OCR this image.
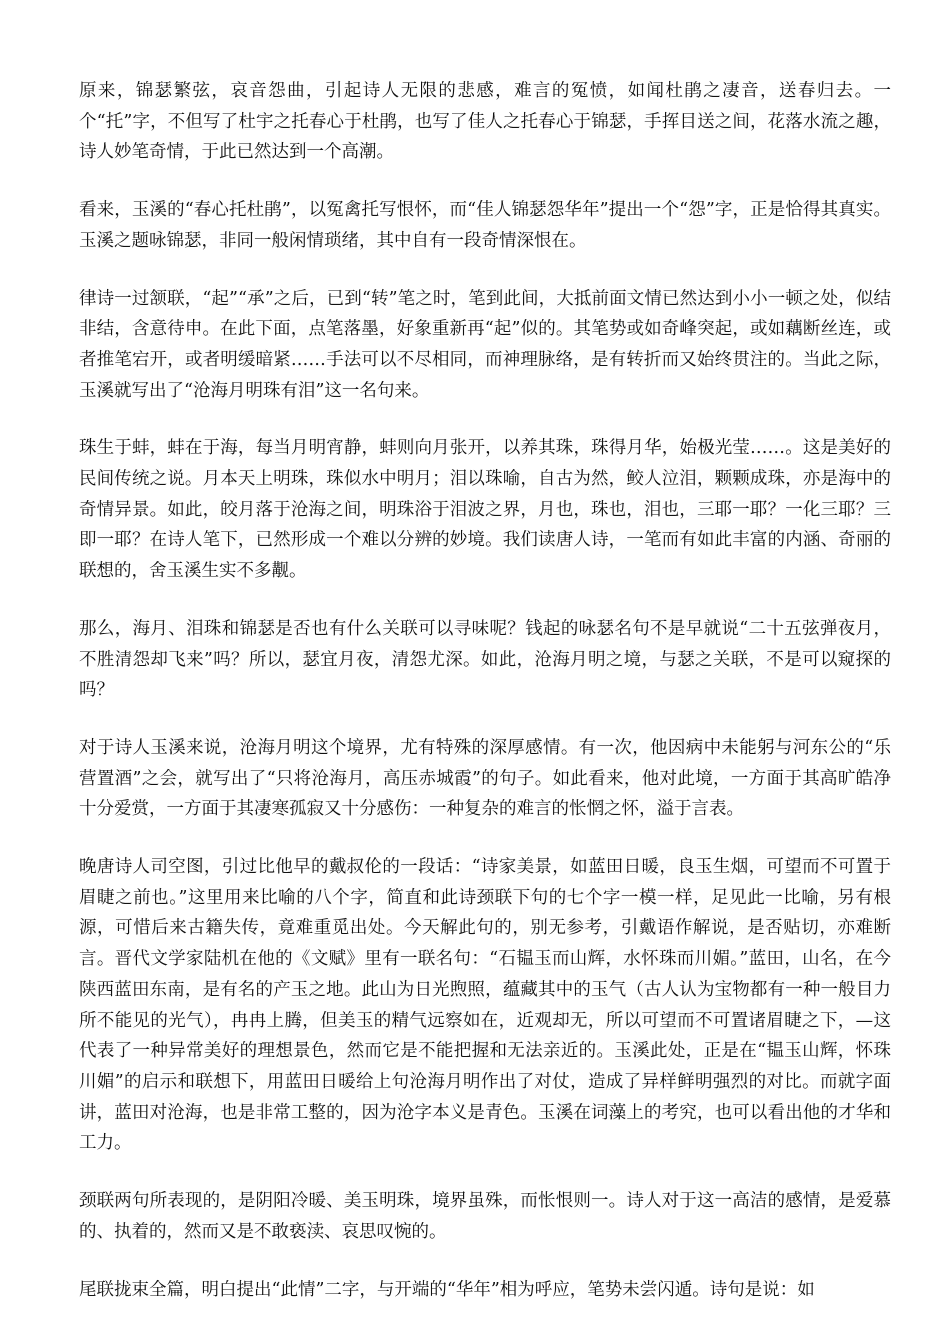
原来，锦瑟繁弦，哀音怨曲，引起诗人无限的悲感，难言的冤愤，如闻杜鹃之凄音，送春归去。一个“托”字，不但写了杜宇之托春心于杜鹃，也写了佳人之托春心于锦瑟，手挥目送之间，花落水流之趣，诗人妙笔奇情，于此已然达到一个高潮。

看来，玉溪的“春心托杜鹃”，以冤禽托写恨怀，而“佳人锦瑟怨华年”提出一个“怨”字，正是恰得其真实。玉溪之题咏锦瑟，非同一般闲情琐绪，其中自有一段奇情深恨在。

律诗一过颔联，“起”“承”之后，已到“转”笔之时，笔到此间，大抵前面文情已然达到小小一顿之处，似结非结，含意待申。在此下面，点笔落墨，好象重新再“起”似的。其笔势或如奇峰突起，或如藕断丝连，或者推笔宕开，或者明缓暗紧……手法可以不尽相同，而神理脉络，是有转折而又始终贯注的。当此之际，玉溪就写出了“沧海月明珠有泪”这一名句来。

珠生于蚌，蚌在于海，每当月明宵静，蚌则向月张开，以养其珠，珠得月华，始极光莹……。这是美好的民间传统之说。月本天上明珠，珠似水中明月；泪以珠喻，自古为然，鲛人泣泪，颗颗成珠，亦是海中的奇情异景。如此，皎月落于沧海之间，明珠浴于泪波之界，月也，珠也，泪也，三耶一耶？一化三耶？三即一耶？在诗人笔下，已然形成一个难以分辨的妙境。我们读唐人诗，一笔而有如此丰富的内涵、奇丽的联想的，舍玉溪生实不多觏。

那么，海月、泪珠和锦瑟是否也有什么关联可以寻味呢？钱起的咏瑟名句不是早就说“二十五弦弹夜月，不胜清怨却飞来”吗？所以，瑟宜月夜，清怨尤深。如此，沧海月明之境，与瑟之关联，不是可以窥探的吗？

对于诗人玉溪来说，沧海月明这个境界，尤有特殊的深厚感情。有一次，他因病中未能躬与河东公的“乐营置酒”之会，就写出了“只将沧海月，高压赤城霞”的句子。如此看来，他对此境，一方面于其高旷皓净十分爱赏，一方面于其凄寒孤寂又十分感伤：一种复杂的难言的怅惘之怀，溢于言表。

晚唐诗人司空图，引过比他早的戴叔伦的一段话：“诗家美景，如蓝田日暖，良玉生烟，可望而不可置于眉睫之前也。”这里用来比喻的八个字，简直和此诗颈联下句的七个字一模一样，足见此一比喻，另有根源，可惜后来古籍失传，竟难重觅出处。今天解此句的，别无参考，引戴语作解说，是否贴切，亦难断言。晋代文学家陆机在他的《文赋》里有一联名句：“石韫玉而山辉，水怀珠而川媚。”蓝田，山名，在今陕西蓝田东南，是有名的产玉之地。此山为日光煦照，蕴藏其中的玉气（古人认为宝物都有一种一般目力所不能见的光气），冉冉上腾，但美玉的精气远察如在，近观却无，所以可望而不可置诸眉睫之下，—这代表了一种异常美好的理想景色，然而它是不能把握和无法亲近的。玉溪此处，正是在“韫玉山辉，怀珠川媚”的启示和联想下，用蓝田日暖给上句沧海月明作出了对仗，造成了异样鲜明强烈的对比。而就字面讲，蓝田对沧海，也是非常工整的，因为沧字本义是青色。玉溪在词藻上的考究，也可以看出他的才华和工力。

颈联两句所表现的，是阴阳冷暖、美玉明珠，境界虽殊，而怅恨则一。诗人对于这一高洁的感情，是爱慕的、执着的，然而又是不敢亵渎、哀思叹惋的。

尾联拢束全篇，明白提出“此情”二字，与开端的“华年”相为呼应，笔势未尝闪遁。诗句是说：如
